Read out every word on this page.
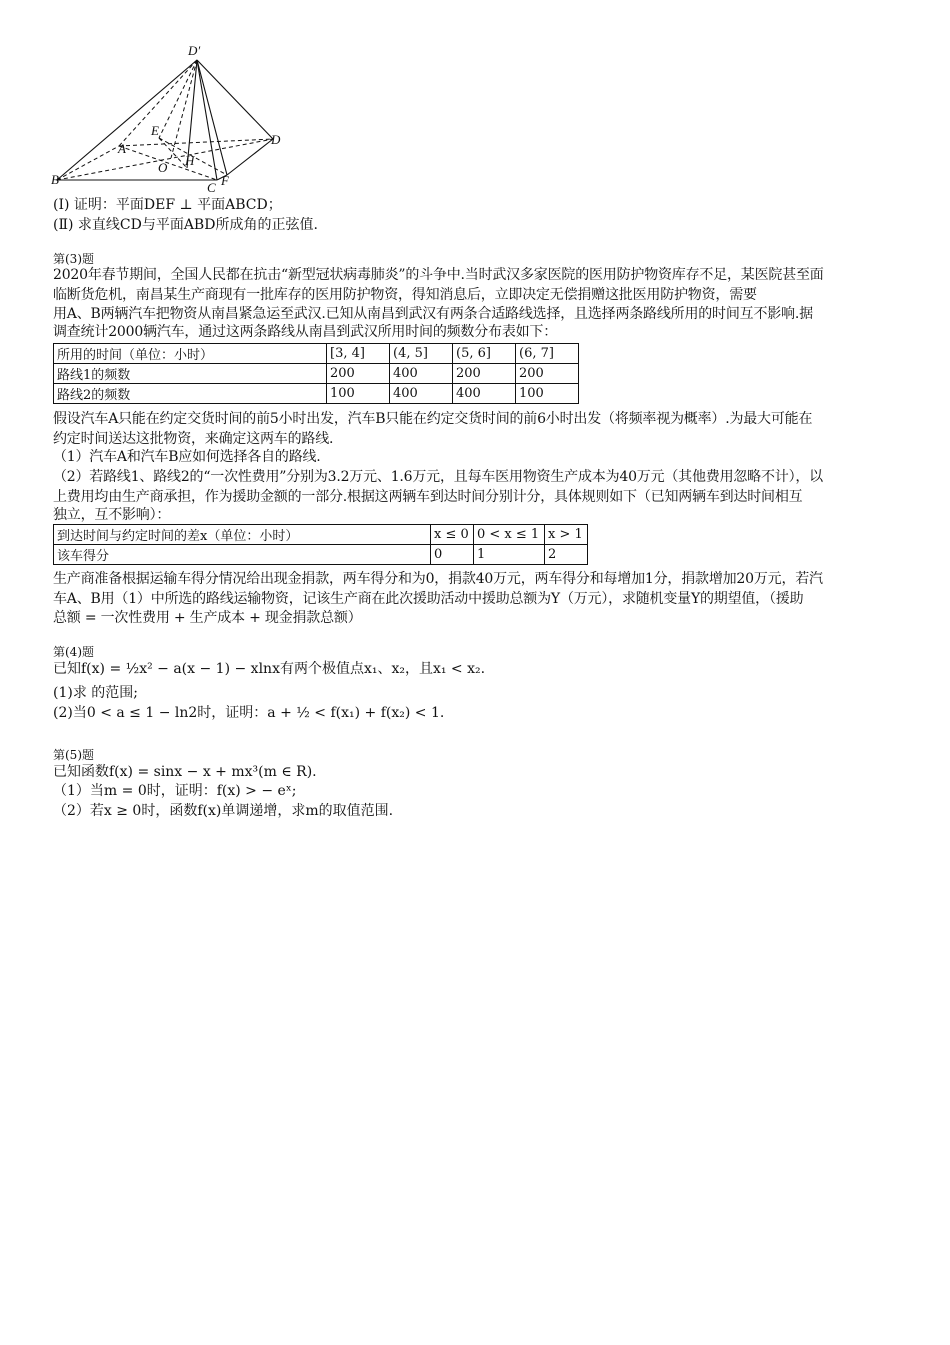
D′
E
A
D
O H
B
C F
(Ⅰ) 证明：平面DEF ⊥ 平面ABCD；
(Ⅱ) 求直线CD与平面ABD所成角的正弦值.
第(3)题
2020年春节期间，全国人民都在抗击“新型冠状病毒肺炎”的斗争中.当时武汉多家医院的医用防护物资库存不足，某医院甚至面
临断货危机，南昌某生产商现有一批库存的医用防护物资，得知消息后，立即决定无偿捐赠这批医用防护物资，需要
用A、B两辆汽车把物资从南昌紧急运至武汉.已知从南昌到武汉有两条合适路线选择，且选择两条路线所用的时间互不影响.据
调查统计2000辆汽车，通过这两条路线从南昌到武汉所用时间的频数分布表如下：
所用的时间（单位：小时）	[3, 4]	(4, 5]	(5, 6]	(6, 7]
路线1的频数	200	400	200	200
路线2的频数	100	400	400	100
假设汽车A只能在约定交货时间的前5小时出发，汽车B只能在约定交货时间的前6小时出发（将频率视为概率）.为最大可能在
约定时间送达这批物资，来确定这两车的路线.
（1）汽车A和汽车B应如何选择各自的路线.
（2）若路线1、路线2的“一次性费用”分别为3.2万元、1.6万元，且每车医用物资生产成本为40万元（其他费用忽略不计），以
上费用均由生产商承担，作为援助金额的一部分.根据这两辆车到达时间分别计分，具体规则如下（已知两辆车到达时间相互
独立，互不影响）：
到达时间与约定时间的差x（单位：小时）	x ≤ 0	0 < x ≤ 1	x > 1
该车得分	0	1	2
生产商准备根据运输车得分情况给出现金捐款，两车得分和为0，捐款40万元，两车得分和每增加1分，捐款增加20万元，若汽
车A、B用（1）中所选的路线运输物资，记该生产商在此次援助活动中援助总额为Y（万元），求随机变量Y的期望值，（援助
总额 = 一次性费用 + 生产成本 + 现金捐款总额）
第(4)题
已知f(x) = ½x² − a(x − 1) − xlnx有两个极值点x₁、x₂，且x₁ < x₂.
(1)求 的范围;
(2)当0 < a ≤ 1 − ln2时，证明：a + ½ < f(x₁) + f(x₂) < 1.
第(5)题
已知函数f(x) = sinx − x + mx³(m ∈ R).
（1）当m = 0时，证明：f(x) > − eˣ;
（2）若x ≥ 0时，函数f(x)单调递增，求m的取值范围.
